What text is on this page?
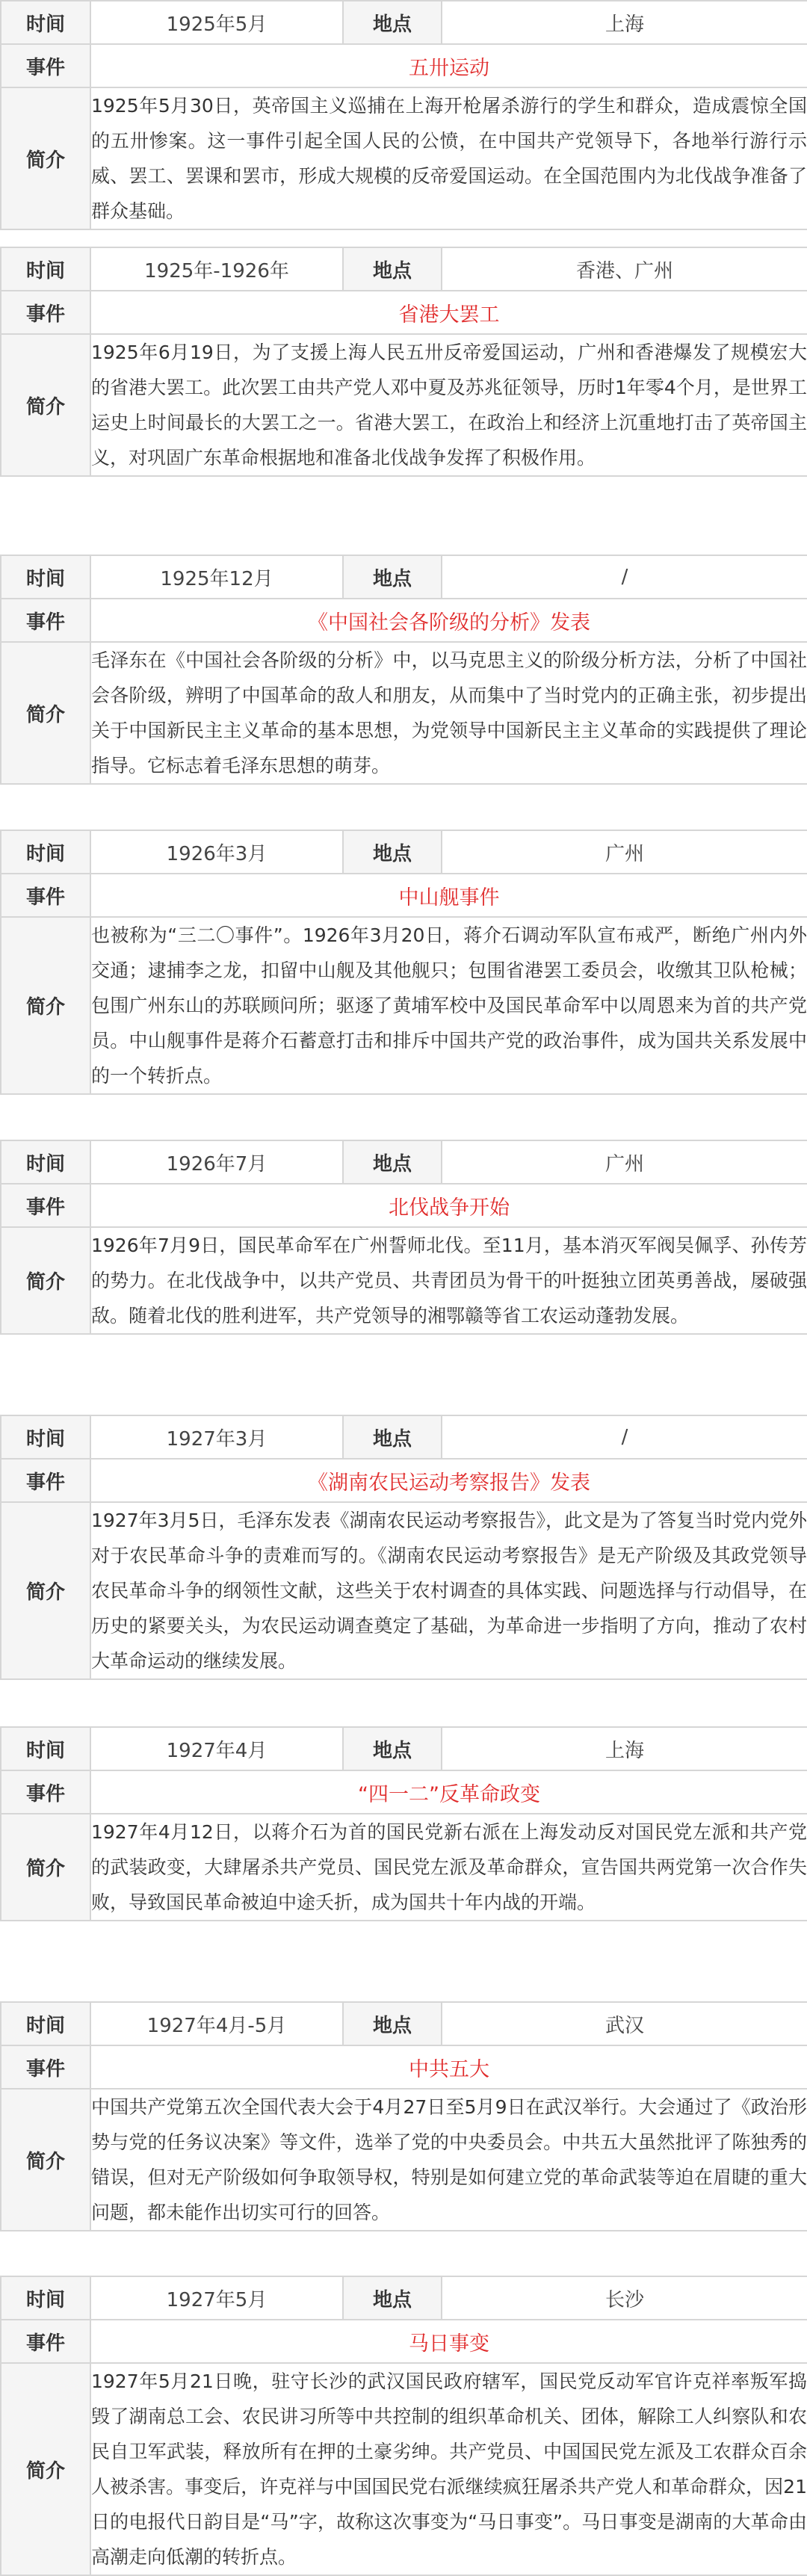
时间	1925年5月	地点	上海
事件	五卅运动		
简介	1925年5月30日，英帝国主义巡捕在上海开枪屠杀游行的学生和群众，造成震惊全国的五卅惨案。这一事件引起全国人民的公愤，在中国共产党领导下，各地举行游行示威、罢工、罢课和罢市，形成大规模的反帝爱国运动。在全国范围内为北伐战争准备了群众基础。		
时间	1925年-1926年	地点	香港、广州
事件	省港大罢工		
简介	1925年6月19日，为了支援上海人民五卅反帝爱国运动，广州和香港爆发了规模宏大的省港大罢工。此次罢工由共产党人邓中夏及苏兆征领导，历时1年零4个月，是世界工运史上时间最长的大罢工之一。省港大罢工，在政治上和经济上沉重地打击了英帝国主义，对巩固广东革命根据地和准备北伐战争发挥了积极作用。		
时间	1925年12月	地点	/
事件	《中国社会各阶级的分析》发表		
简介	毛泽东在《中国社会各阶级的分析》中，以马克思主义的阶级分析方法，分析了中国社会各阶级，辨明了中国革命的敌人和朋友，从而集中了当时党内的正确主张，初步提出关于中国新民主主义革命的基本思想，为党领导中国新民主主义革命的实践提供了理论指导。它标志着毛泽东思想的萌芽。		
时间	1926年3月	地点	广州
事件	中山舰事件		
简介	也被称为“三二〇事件”。1926年3月20日，蒋介石调动军队宣布戒严，断绝广州内外交通；逮捕李之龙，扣留中山舰及其他舰只；包围省港罢工委员会，收缴其卫队枪械；包围广州东山的苏联顾问所；驱逐了黄埔军校中及国民革命军中以周恩来为首的共产党员。中山舰事件是蒋介石蓄意打击和排斥中国共产党的政治事件，成为国共关系发展中的一个转折点。		
时间	1926年7月	地点	广州
事件	北伐战争开始		
简介	1926年7月9日，国民革命军在广州誓师北伐。至11月，基本消灭军阀吴佩孚、孙传芳的势力。在北伐战争中，以共产党员、共青团员为骨干的叶挺独立团英勇善战，屡破强敌。随着北伐的胜利进军，共产党领导的湘鄂赣等省工农运动蓬勃发展。		
时间	1927年3月	地点	/
事件	《湖南农民运动考察报告》发表		
简介	1927年3月5日，毛泽东发表《湖南农民运动考察报告》，此文是为了答复当时党内党外对于农民革命斗争的责难而写的。《湖南农民运动考察报告》是无产阶级及其政党领导农民革命斗争的纲领性文献，这些关于农村调查的具体实践、问题选择与行动倡导，在历史的紧要关头，为农民运动调查奠定了基础，为革命进一步指明了方向，推动了农村大革命运动的继续发展。		
时间	1927年4月	地点	上海
事件	“四一二”反革命政变		
简介	1927年4月12日，以蒋介石为首的国民党新右派在上海发动反对国民党左派和共产党的武装政变，大肆屠杀共产党员、国民党左派及革命群众，宣告国共两党第一次合作失败，导致国民革命被迫中途夭折，成为国共十年内战的开端。		
时间	1927年4月-5月	地点	武汉
事件	中共五大		
简介	中国共产党第五次全国代表大会于4月27日至5月9日在武汉举行。大会通过了《政治形势与党的任务议决案》等文件，选举了党的中央委员会。中共五大虽然批评了陈独秀的错误，但对无产阶级如何争取领导权，特别是如何建立党的革命武装等迫在眉睫的重大问题，都未能作出切实可行的回答。		
时间	1927年5月	地点	长沙
事件	马日事变		
简介	1927年5月21日晚，驻守长沙的武汉国民政府辖军，国民党反动军官许克祥率叛军捣毁了湖南总工会、农民讲习所等中共控制的组织革命机关、团体，解除工人纠察队和农民自卫军武装，释放所有在押的土豪劣绅。共产党员、中国国民党左派及工农群众百余人被杀害。事变后，许克祥与中国国民党右派继续疯狂屠杀共产党人和革命群众，因21日的电报代日韵目是“马”字，故称这次事变为“马日事变”。马日事变是湖南的大革命由高潮走向低潮的转折点。		
